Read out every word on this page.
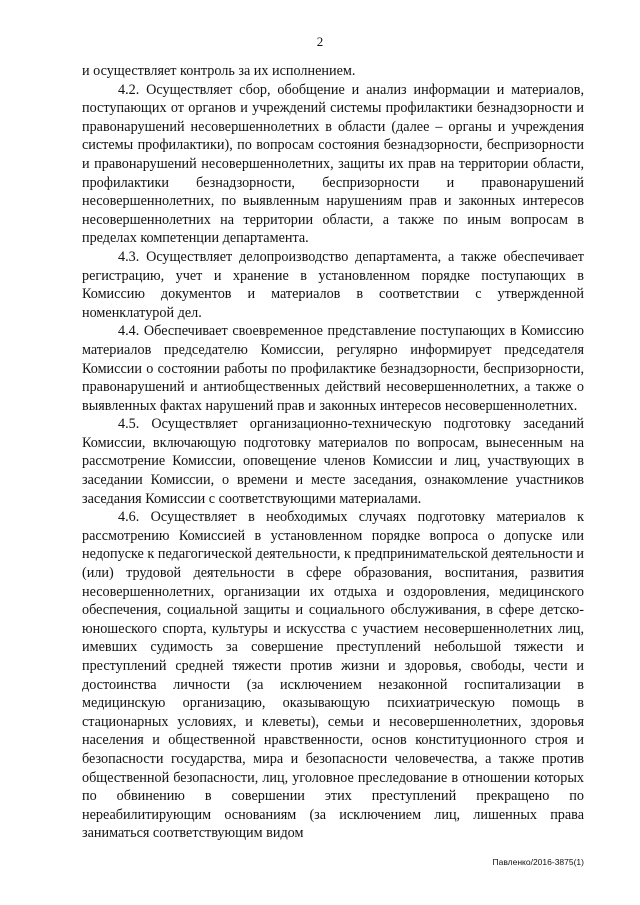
2

и осуществляет контроль за их исполнением.

4.2. Осуществляет сбор, обобщение и анализ информации и материалов, поступающих от органов и учреждений системы профилактики безнадзорности и правонарушений несовершеннолетних в области (далее – органы и учреждения системы профилактики), по вопросам состояния безнадзорности, беспризорности и правонарушений несовершеннолетних, защиты их прав на территории области, профилактики безнадзорности, беспризорности и правонарушений несовершеннолетних, по выявленным нарушениям прав и законных интересов несовершеннолетних на территории области, а также по иным вопросам в пределах компетенции департамента.

4.3. Осуществляет делопроизводство департамента, а также обеспечивает регистрацию, учет и хранение в установленном порядке поступающих в Комиссию документов и материалов в соответствии с утвержденной номенклатурой дел.

4.4. Обеспечивает своевременное представление поступающих в Комиссию материалов председателю Комиссии, регулярно информирует председателя Комиссии о состоянии работы по профилактике безнадзорности, беспризорности, правонарушений и антиобщественных действий несовершеннолетних, а также о выявленных фактах нарушений прав и законных интересов несовершеннолетних.

4.5. Осуществляет организационно-техническую подготовку заседаний Комиссии, включающую подготовку материалов по вопросам, вынесенным на рассмотрение Комиссии, оповещение членов Комиссии и лиц, участвующих в заседании Комиссии, о времени и месте заседания, ознакомление участников заседания Комиссии с соответствующими материалами.

4.6. Осуществляет в необходимых случаях подготовку материалов к рассмотрению Комиссией в установленном порядке вопроса о допуске или недопуске к педагогической деятельности, к предпринимательской деятельности и (или) трудовой деятельности в сфере образования, воспитания, развития несовершеннолетних, организации их отдыха и оздоровления, медицинского обеспечения, социальной защиты и социального обслуживания, в сфере детско-юношеского спорта, культуры и искусства с участием несовершеннолетних лиц, имевших судимость за совершение преступлений небольшой тяжести и преступлений средней тяжести против жизни и здоровья, свободы, чести и достоинства личности (за исключением незаконной госпитализации в медицинскую организацию, оказывающую психиатрическую помощь в стационарных условиях, и клеветы), семьи и несовершеннолетних, здоровья населения и общественной нравственности, основ конституционного строя и безопасности государства, мира и безопасности человечества, а также против общественной безопасности, лиц, уголовное преследование в отношении которых по обвинению в совершении этих преступлений прекращено по нереабилитирующим основаниям (за исключением лиц, лишенных права заниматься соответствующим видом

Павленко/2016-3875(1)
